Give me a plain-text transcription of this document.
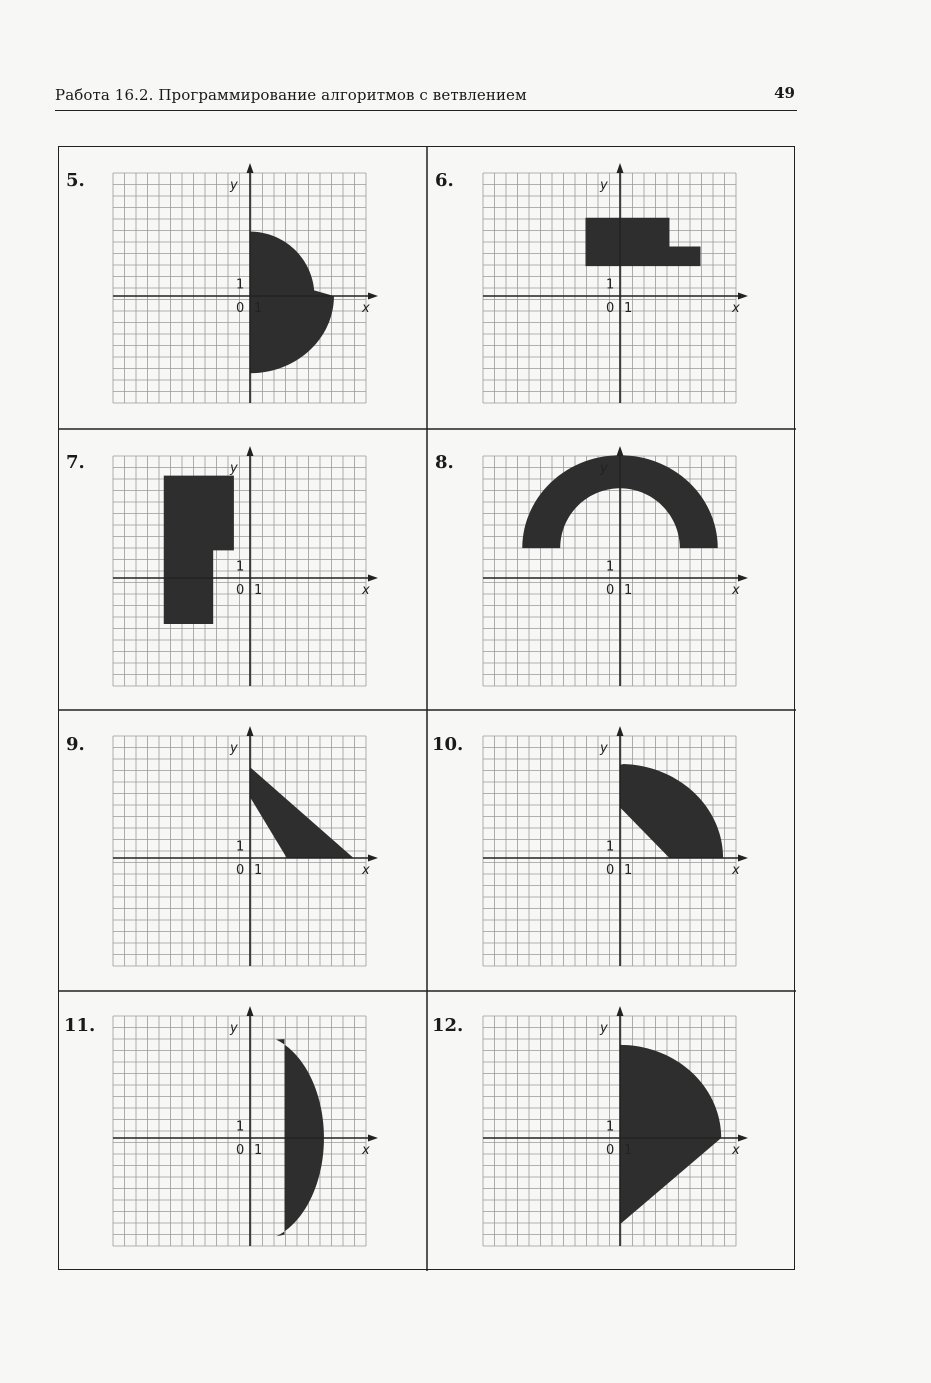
Работа 16.2. Программирование алгоритмов с ветвлением	49
5.	y
x
0 1
1
6.	y
x
0 1
1
7.	y
x
0 1
1
8.	y
x
0 1
1
9.	y
x
0 1
1
10.	y
x
0 1
1
11.	y
x
0 1
1
12.	y
x
0 1
1
